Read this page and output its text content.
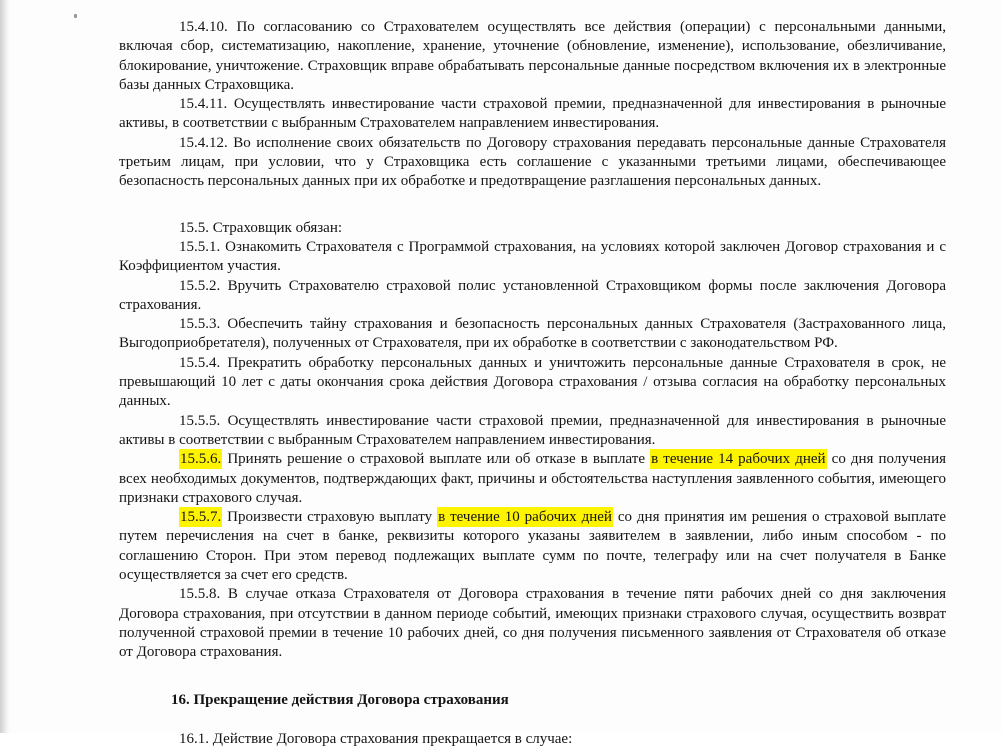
15.4.10. По согласованию со Страхователем осуществлять все действия (операции) с персональными данными, включая сбор, систематизацию, накопление, хранение, уточнение (обновление, изменение), использование, обезличивание, блокирование, уничтожение. Страховщик вправе обрабатывать персональные данные посредством включения их в электронные базы данных Страховщика.

15.4.11. Осуществлять инвестирование части страховой премии, предназначенной для инвестирования в рыночные активы, в соответствии с выбранным Страхователем направлением инвестирования.

15.4.12. Во исполнение своих обязательств по Договору страхования передавать персональные данные Страхователя третьим лицам, при условии, что у Страховщика есть соглашение с указанными третьими лицами, обеспечивающее безопасность персональных данных при их обработке и предотвращение разглашения персональных данных.

15.5. Страховщик обязан:

15.5.1. Ознакомить Страхователя с Программой страхования, на условиях которой заключен Договор страхования и с Коэффициентом участия.

15.5.2. Вручить Страхователю страховой полис установленной Страховщиком формы после заключения Договора страхования.

15.5.3. Обеспечить тайну страхования и безопасность персональных данных Страхователя (Застрахованного лица, Выгодоприобретателя), полученных от Страхователя, при их обработке в соответствии с законодательством РФ.

15.5.4. Прекратить обработку персональных данных и уничтожить персональные данные Страхователя в срок, не превышающий 10 лет с даты окончания срока действия Договора страхования / отзыва согласия на обработку персональных данных.

15.5.5. Осуществлять инвестирование части страховой премии, предназначенной для инвестирования в рыночные активы в соответствии с выбранным Страхователем направлением инвестирования.

15.5.6. Принять решение о страховой выплате или об отказе в выплате в течение 14 рабочих дней со дня получения всех необходимых документов, подтверждающих факт, причины и обстоятельства наступления заявленного события, имеющего признаки страхового случая.

15.5.7. Произвести страховую выплату в течение 10 рабочих дней со дня принятия им решения о страховой выплате путем перечисления на счет в банке, реквизиты которого указаны заявителем в заявлении, либо иным способом - по соглашению Сторон. При этом перевод подлежащих выплате сумм по почте, телеграфу или на счет получателя в Банке осуществляется за счет его средств.

15.5.8. В случае отказа Страхователя от Договора страхования в течение пяти рабочих дней со дня заключения Договора страхования, при отсутствии в данном периоде событий, имеющих признаки страхового случая, осуществить возврат полученной страховой премии в течение 10 рабочих дней, со дня получения письменного заявления от Страхователя об отказе от Договора страхования.

16. Прекращение действия Договора страхования

16.1. Действие Договора страхования прекращается в случае:
